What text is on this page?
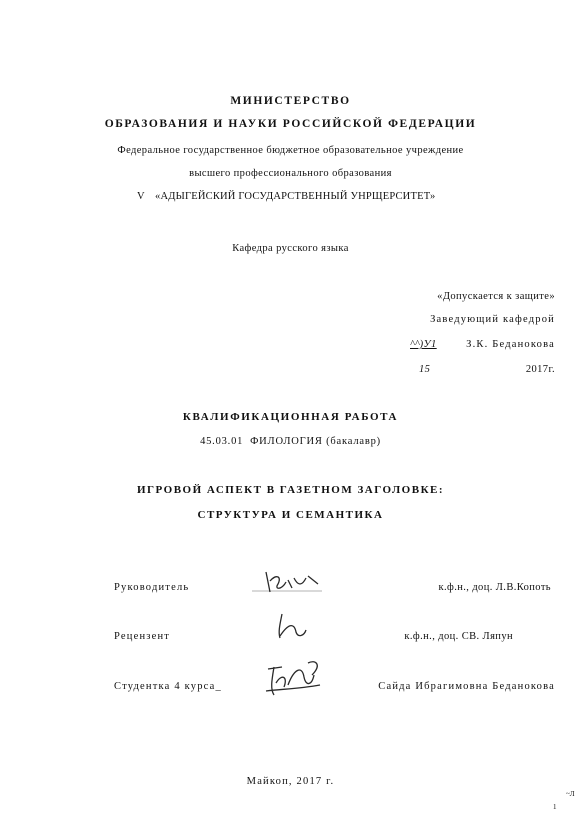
МИНИСТЕРСТВО
ОБРАЗОВАНИЯ И НАУКИ РОССИЙСКОЙ ФЕДЕРАЦИИ
Федеральное государственное бюджетное образовательное учреждение
высшего профессионального образования
V «АДЫГЕЙСКИЙ ГОСУДАРСТВЕННЫЙ УНРЩЕРСИТЕТ»
Кафедра русского языка
«Допускается к защите»
Заведующий кафедрой
^^)У1	З.К. Беданокова
15	2017г.
КВАЛИФИКАЦИОННАЯ РАБОТА
45.03.01 ФИЛОЛОГИЯ (бакалавр)
ИГРОВОЙ АСПЕКТ В ГАЗЕТНОМ ЗАГОЛОВКЕ:
СТРУКТУРА И СЕМАНТИКА
Руководитель	к.ф.н., доц. Л.В.Копоть
Рецензент	к.ф.н., доц. СВ. Ляпун
Студентка 4 курса_	Сайда Ибрагимовна Беданокова
Майкоп, 2017 г.
~Л
1
